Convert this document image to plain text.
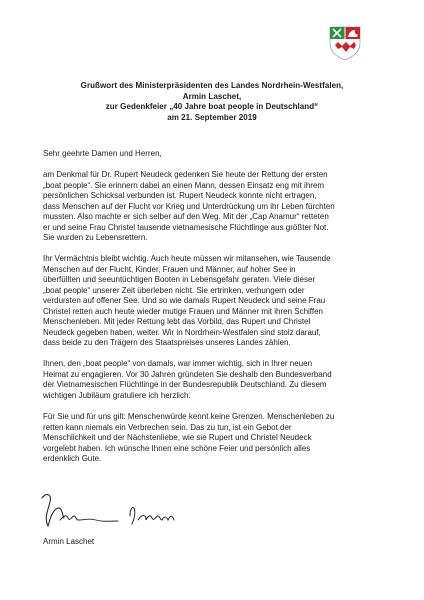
Grußwort des Ministerpräsidenten des Landes Nordrhein-Westfalen,
Armin Laschet,
zur Gedenkfeier „40 Jahre boat people in Deutschland“
am 21. September 2019
Sehr geehrte Damen und Herren,
am Denkmal für Dr. Rupert Neudeck gedenken Sie heute der Rettung der ersten
„boat people“. Sie erinnern dabei an einen Mann, dessen Einsatz eng mit ihrem
persönlichen Schicksal verbunden ist. Rupert Neudeck konnte nicht ertragen,
dass Menschen auf der Flucht vor Krieg und Unterdrückung um ihr Leben fürchten
mussten. Also machte er sich selber auf den Weg. Mit der „Cap Anamur“ retteten
er und seine Frau Christel tausende vietnamesische Flüchtlinge aus größter Not.
Sie wurden zu Lebensrettern.
Ihr Vermächtnis bleibt wichtig. Auch heute müssen wir mitansehen, wie Tausende
Menschen auf der Flucht, Kinder, Frauen und Männer, auf hoher See in
überfüllten und seeuntüchtigen Booten in Lebensgefahr geraten. Viele dieser
„boat people“ unserer Zeit überleben nicht. Sie ertrinken, verhungern oder
verdursten auf offener See. Und so wie damals Rupert Neudeck und seine Frau
Christel retten auch heute wieder mutige Frauen und Männer mit ihren Schiffen
Menschenleben. Mit jeder Rettung lebt das Vorbild, das Rupert und Christel
Neudeck gegeben haben, weiter. Wir in Nordrhein-Westfalen sind stolz darauf,
dass beide zu den Trägern des Staatspreises unseres Landes zählen.
Ihnen, den „boat people“ von damals, war immer wichtig, sich in Ihrer neuen
Heimat zu engagieren. Vor 30 Jahren gründeten Sie deshalb den Bundesverband
der Vietnamesischen Flüchtlinge in der Bundesrepublik Deutschland. Zu diesem
wichtigen Jubiläum gratuliere ich herzlich.
Für Sie und für uns gilt: Menschenwürde kennt keine Grenzen. Menschenleben zu
retten kann niemals ein Verbrechen sein. Das zu tun, ist ein Gebot der
Menschlichkeit und der Nächstenliebe, wie sie Rupert und Christel Neudeck
vorgelebt haben. Ich wünsche Ihnen eine schöne Feier und persönlich alles
erdenklich Gute.
Armin Laschet
